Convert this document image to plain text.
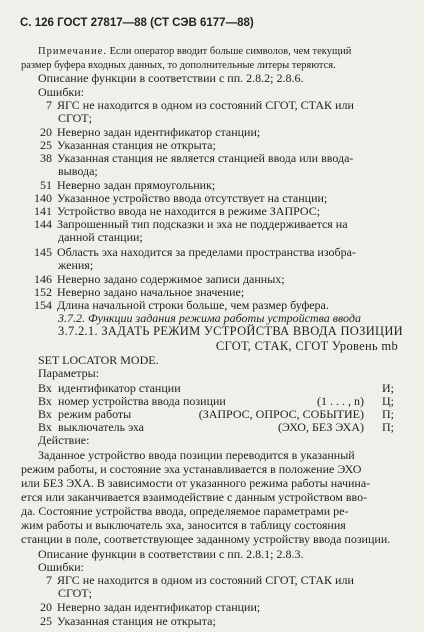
С. 126 ГОСТ 27817—88 (СТ СЭВ 6177—88)
Примечание. Если оператор вводит больше символов, чем текущий
размер буфера входных данных, то дополнительные литеры теряются.
Описание функции в соответствии с пп. 2.8.2; 2.8.6.
Ошибки:
7 ЯГС не находится в одном из состояний СГОТ, СТАК или
СГОТ;
20 Неверно задан идентификатор станции;
25 Указанная станция не открыта;
38 Указанная станция не является станцией ввода или ввода-
вывода;
51 Неверно задан прямоугольник;
140 Указанное устройство ввода отсутствует на станции;
141 Устройство ввода не находится в режиме ЗАПРОС;
144 Запрошенный тип подсказки и эха не поддерживается на
данной станции;
145 Область эха находится за пределами пространства изобра-
жения;
146 Неверно задано содержимое записи данных;
152 Неверно задано начальное значение;
154 Длина начальной строки больше, чем размер буфера.
3.7.2. Функции задания режима работы устройства ввода
3.7.2.1. ЗАДАТЬ РЕЖИМ УСТРОЙСТВА ВВОДА ПОЗИЦИИ
СГОТ, СТАК, СГОТ Уровень mb
SET LOCATOR MODE.
Параметры:
Вх идентификатор станции	И;
Вх номер устройства ввода позиции	(1 . . . , n) Ц;
Вх режим работы	(ЗАПРОС, ОПРОС, СОБЫТИЕ) П;
Вх выключатель эха	(ЭХО, БЕЗ ЭХА) П;
Действие:
Заданное устройство ввода позиции переводится в указанный
режим работы, и состояние эха устанавливается в положение ЭХО
или БЕЗ ЭХА. В зависимости от указанного режима работы начина-
ется или заканчивается взаимодействие с данным устройством вво-
да. Состояние устройства ввода, определяемое параметрами ре-
жим работы и выключатель эха, заносится в таблицу состояния
станции в поле, соответствующее заданному устройству ввода позиции.
Описание функции в соответствии с пп. 2.8.1; 2.8.3.
Ошибки:
7 ЯГС не находится в одном из состояний СГОТ, СТАК или
СГОТ;
20 Неверно задан идентификатор станции;
25 Указанная станция не открыта;
